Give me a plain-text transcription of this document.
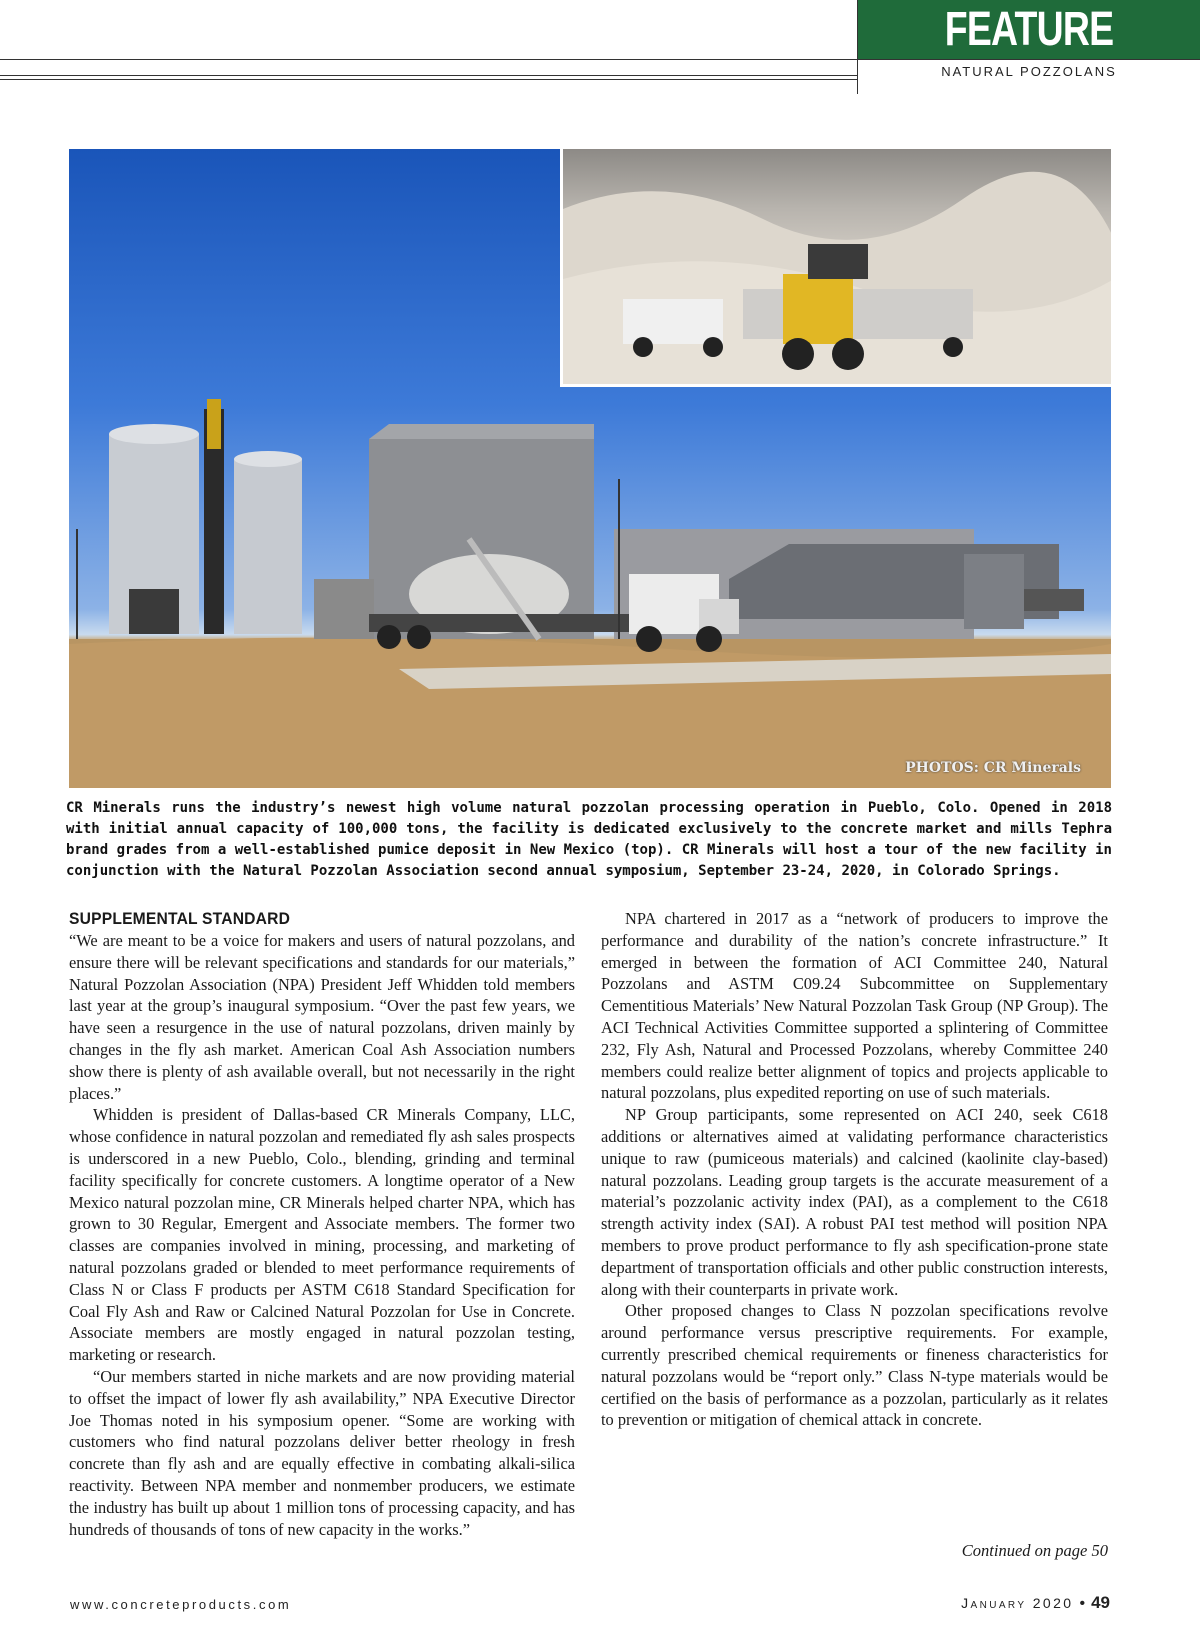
FEATURE
NATURAL POZZOLANS
PHOTOS: CR Minerals
CR Minerals runs the industry’s newest high volume natural pozzolan processing operation in Pueblo, Colo. Opened in 2018 with initial annual capacity of 100,000 tons, the facility is dedicated exclusively to the concrete market and mills Tephra brand grades from a well-established pumice deposit in New Mexico (top). CR Minerals will host a tour of the new facility in conjunction with the Natural Pozzolan Association second annual symposium, September 23-24, 2020, in Colorado Springs.
SUPPLEMENTAL STANDARD

“We are meant to be a voice for makers and users of natural pozzolans, and ensure there will be relevant specifications and standards for our materials,” Natural Pozzolan Association (NPA) President Jeff Whidden told members last year at the group’s inaugural symposium. “Over the past few years, we have seen a resurgence in the use of natural pozzolans, driven mainly by changes in the fly ash market. American Coal Ash Association numbers show there is plenty of ash available overall, but not necessarily in the right places.”

Whidden is president of Dallas-based CR Minerals Company, LLC, whose confidence in natural pozzolan and remediated fly ash sales prospects is underscored in a new Pueblo, Colo., blending, grinding and terminal facility specifically for concrete customers. A longtime operator of a New Mexico natural pozzolan mine, CR Minerals helped charter NPA, which has grown to 30 Regular, Emergent and Associate members. The former two classes are companies involved in mining, processing, and marketing of natural pozzolans graded or blended to meet performance requirements of Class N or Class F products per ASTM C618 Standard Specification for Coal Fly Ash and Raw or Calcined Natural Pozzolan for Use in Concrete. Associate members are mostly engaged in natural pozzolan testing, marketing or research.

“Our members started in niche markets and are now providing material to offset the impact of lower fly ash availability,” NPA Executive Director Joe Thomas noted in his symposium opener. “Some are working with customers who find natural pozzolans deliver better rheology in fresh concrete than fly ash and are equally effective in combating alkali-silica reactivity. Between NPA member and nonmember producers, we estimate the industry has built up about 1 million tons of processing capacity, and has hundreds of thousands of tons of new capacity in the works.”

NPA chartered in 2017 as a “network of producers to improve the performance and durability of the nation’s concrete infrastructure.” It emerged in between the formation of ACI Committee 240, Natural Pozzolans and ASTM C09.24 Subcommittee on Supplementary Cementitious Materials’ New Natural Pozzolan Task Group (NP Group). The ACI Technical Activities Committee supported a splintering of Committee 232, Fly Ash, Natural and Processed Pozzolans, whereby Committee 240 members could realize better alignment of topics and projects applicable to natural pozzolans, plus expedited reporting on use of such materials.

NP Group participants, some represented on ACI 240, seek C618 additions or alternatives aimed at validating performance characteristics unique to raw (pumiceous materials) and calcined (kaolinite clay-based) natural pozzolans. Leading group targets is the accurate measurement of a material’s pozzolanic activity index (PAI), as a complement to the C618 strength activity index (SAI). A robust PAI test method will position NPA members to prove product performance to fly ash specification-prone state department of transportation officials and other public construction interests, along with their counterparts in private work.

Other proposed changes to Class N pozzolan specifications revolve around performance versus prescriptive requirements. For example, currently prescribed chemical requirements or fineness characteristics for natural pozzolans would be “report only.” Class N-type materials would be certified on the basis of performance as a pozzolan, particularly as it relates to prevention or mitigation of chemical attack in concrete.

Continued on page 50
www.concreteproducts.com	January 2020 • 49
